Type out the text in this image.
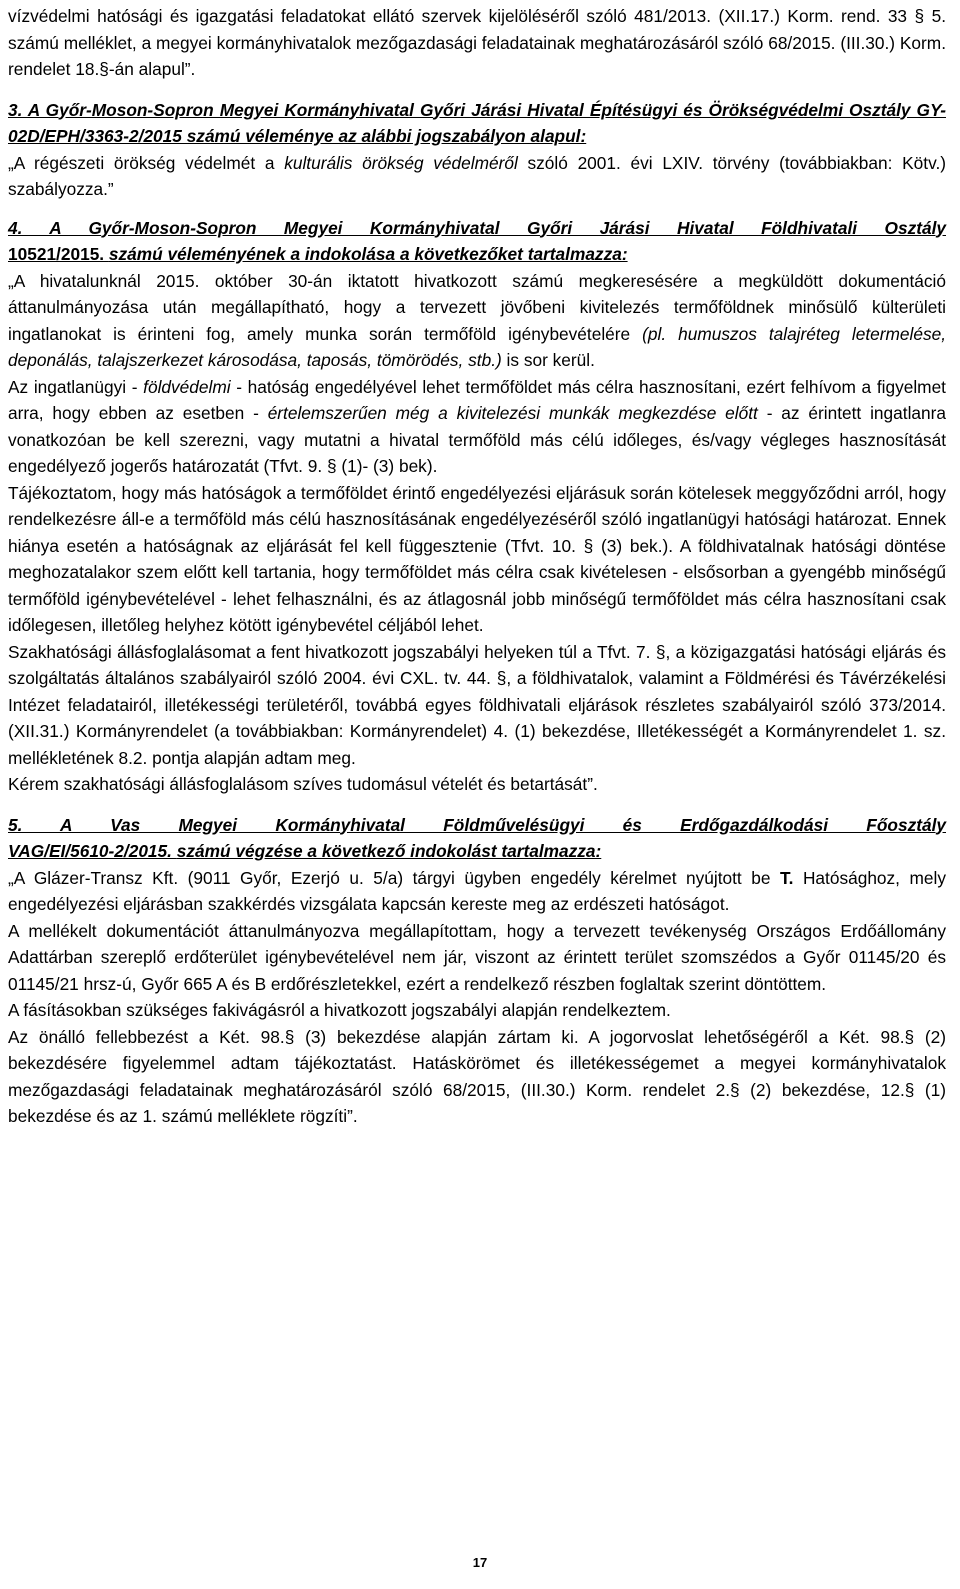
vízvédelmi hatósági és igazgatási feladatokat ellátó szervek kijelöléséről szóló 481/2013. (XII.17.) Korm. rend. 33 § 5. számú melléklet, a megyei kormányhivatalok mezőgazdasági feladatainak meghatározásáról szóló 68/2015. (III.30.) Korm. rendelet 18.§-án alapul”.

3. A Győr-Moson-Sopron Megyei Kormányhivatal Győri Járási Hivatal Építésügyi és Örökségvédelmi Osztály GY-02D/EPH/3363-2/2015 számú véleménye az alábbi jogszabályon alapul:

„A régészeti örökség védelmét a kulturális örökség védelméről szóló 2001. évi LXIV. törvény (továbbiakban: Kötv.) szabályozza.”

4. A Győr-Moson-Sopron Megyei Kormányhivatal Győri Járási Hivatal Földhivatali Osztály

10521/2015. számú véleményének a indokolása a következőket tartalmazza:

„A hivatalunknál 2015. október 30-án iktatott hivatkozott számú megkeresésére a megküldött dokumentáció áttanulmányozása után megállapítható, hogy a tervezett jövőbeni kivitelezés termőföldnek minősülő külterületi ingatlanokat is érinteni fog, amely munka során termőföld igénybevételére (pl. humuszos talajréteg letermelése, deponálás, talajszerkezet károsodása, taposás, tömörödés, stb.) is sor kerül.

Az ingatlanügyi - földvédelmi - hatóság engedélyével lehet termőföldet más célra hasznosítani, ezért felhívom a figyelmet arra, hogy ebben az esetben - értelemszerűen még a kivitelezési munkák megkezdése előtt - az érintett ingatlanra vonatkozóan be kell szerezni, vagy mutatni a hivatal termőföld más célú időleges, és/vagy végleges hasznosítását engedélyező jogerős határozatát (Tfvt. 9. § (1)- (3) bek).

Tájékoztatom, hogy más hatóságok a termőföldet érintő engedélyezési eljárásuk során kötelesek meggyőződni arról, hogy rendelkezésre áll-e a termőföld más célú hasznosításának engedélyezéséről szóló ingatlanügyi hatósági határozat. Ennek hiánya esetén a hatóságnak az eljárását fel kell függesztenie (Tfvt. 10. § (3) bek.). A földhivatalnak hatósági döntése meghozatalakor szem előtt kell tartania, hogy termőföldet más célra csak kivételesen - elsősorban a gyengébb minőségű termőföld igénybevételével - lehet felhasználni, és az átlagosnál jobb minőségű termőföldet más célra hasznosítani csak időlegesen, illetőleg helyhez kötött igénybevétel céljából lehet.

Szakhatósági állásfoglalásomat a fent hivatkozott jogszabályi helyeken túl a Tfvt. 7. §, a közigazgatási hatósági eljárás és szolgáltatás általános szabályairól szóló 2004. évi CXL. tv. 44. §, a földhivatalok, valamint a Földmérési és Távérzékelési Intézet feladatairól, illetékességi területéről, továbbá egyes földhivatali eljárások részletes szabályairól szóló 373/2014. (XII.31.) Kormányrendelet (a továbbiakban: Kormányrendelet) 4. (1) bekezdése, Illetékességét a Kormányrendelet 1. sz. mellékletének 8.2. pontja alapján adtam meg.

Kérem szakhatósági állásfoglalásom szíves tudomásul vételét és betartását”.

5. A Vas Megyei Kormányhivatal Földművelésügyi és Erdőgazdálkodási Főosztály

VAG/EI/5610-2/2015. számú végzése a következő indokolást tartalmazza:

„A Glázer-Transz Kft. (9011 Győr, Ezerjó u. 5/a) tárgyi ügyben engedély kérelmet nyújtott be T. Hatósághoz, mely engedélyezési eljárásban szakkérdés vizsgálata kapcsán kereste meg az erdészeti hatóságot.

A mellékelt dokumentációt áttanulmányozva megállapítottam, hogy a tervezett tevékenység Országos Erdőállomány Adattárban szereplő erdőterület igénybevételével nem jár, viszont az érintett terület szomszédos a Győr 01145/20 és 01145/21 hrsz-ú, Győr 665 A és B erdőrészletekkel, ezért a rendelkező részben foglaltak szerint döntöttem.

A fásításokban szükséges fakivágásról a hivatkozott jogszabályi alapján rendelkeztem.

Az önálló fellebbezést a Két. 98.§ (3) bekezdése alapján zártam ki. A jogorvoslat lehetőségéről a Két. 98.§ (2) bekezdésére figyelemmel adtam tájékoztatást. Hatáskörömet és illetékességemet a megyei kormányhivatalok mezőgazdasági feladatainak meghatározásáról szóló 68/2015, (III.30.) Korm. rendelet 2.§ (2) bekezdése, 12.§ (1) bekezdése és az 1. számú melléklete rögzíti”.

17
